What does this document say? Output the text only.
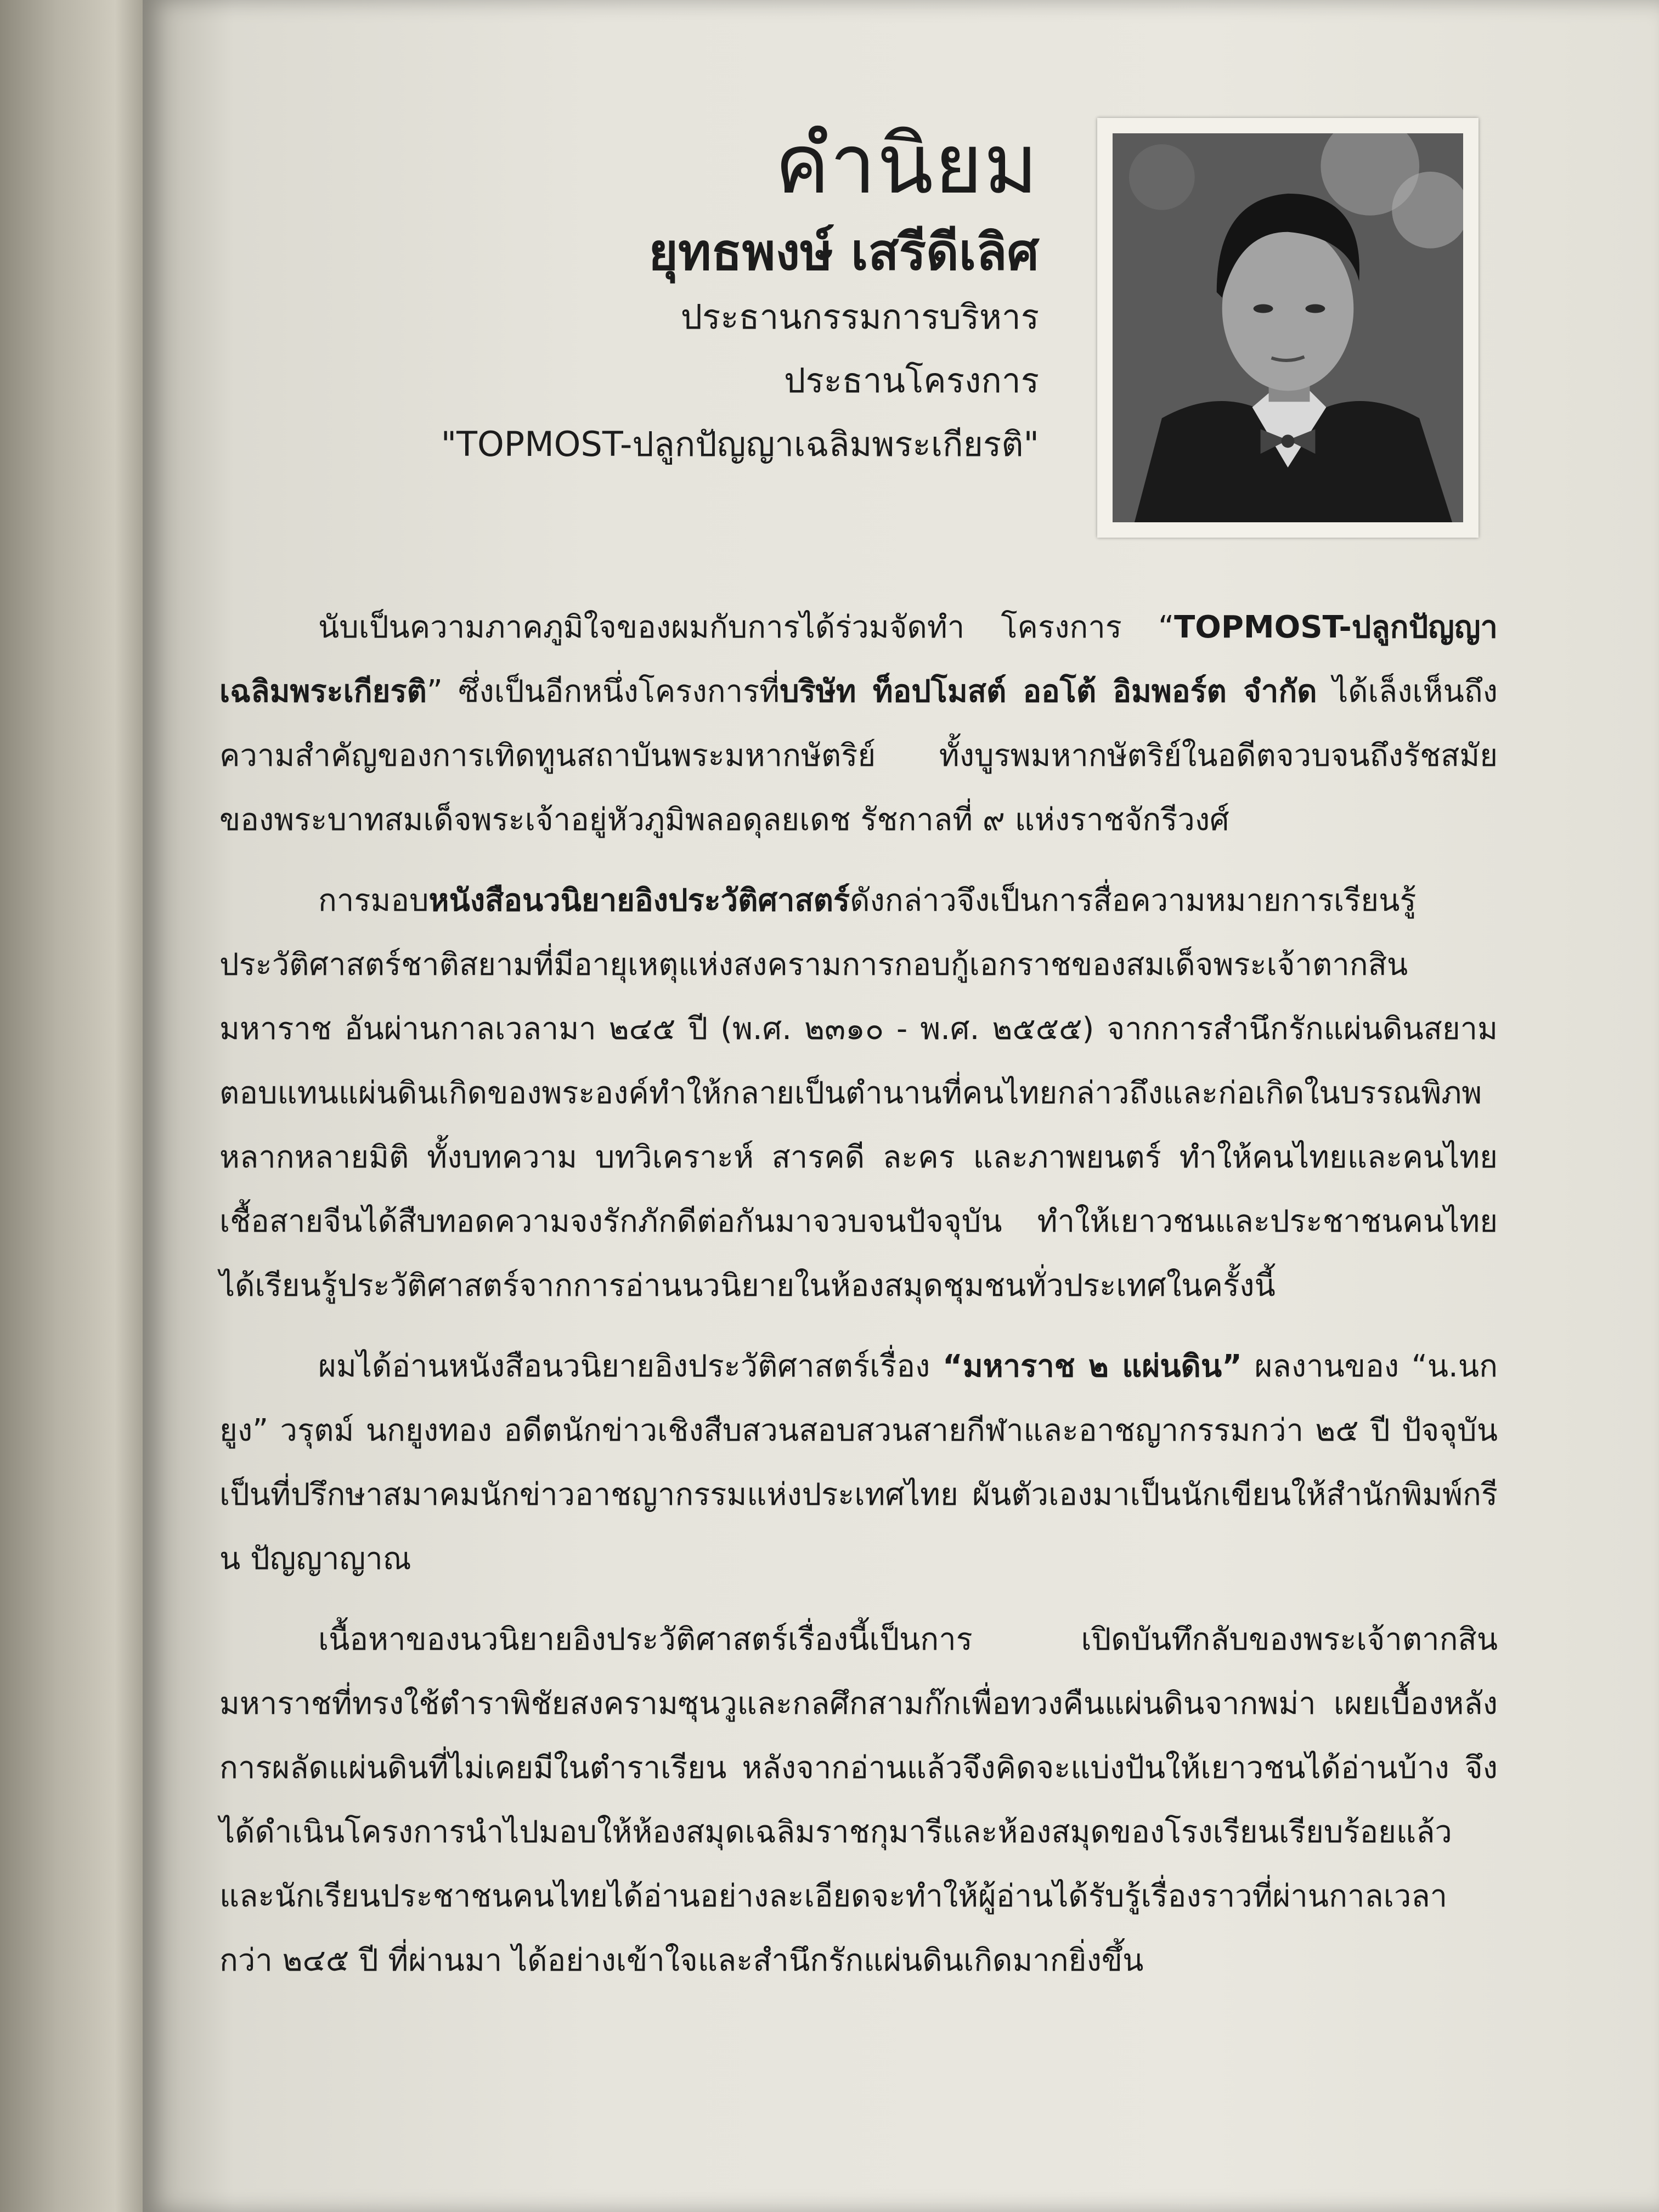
คำนิยม
ยุทธพงษ์ เสรีดีเลิศ
ประธานกรรมการบริหาร
ประธานโครงการ
"TOPMOST-ปลูกปัญญาเฉลิมพระเกียรติ"

นับเป็นความภาคภูมิใจของผมกับการได้ร่วมจัดทำ โครงการ “TOPMOST-ปลูกปัญญาเฉลิมพระเกียรติ” ซึ่งเป็นอีกหนึ่งโครงการที่บริษัท ท็อปโมสต์ ออโต้ อิมพอร์ต จำกัด ได้เล็งเห็นถึงความสำคัญของการเทิดทูนสถาบันพระมหากษัตริย์ ทั้งบูรพมหากษัตริย์ในอดีตจวบจนถึงรัชสมัยของพระบาทสมเด็จพระเจ้าอยู่หัวภูมิพลอดุลยเดช รัชกาลที่ ๙ แห่งราชจักรีวงศ์

การมอบหนังสือนวนิยายอิงประวัติศาสตร์ดังกล่าวจึงเป็นการสื่อความหมายการเรียนรู้ประวัติศาสตร์ชาติสยามที่มีอายุเหตุแห่งสงครามการกอบกู้เอกราชของสมเด็จพระเจ้าตากสินมหาราช อันผ่านกาลเวลามา ๒๔๕ ปี (พ.ศ. ๒๓๑๐ - พ.ศ. ๒๕๕๕) จากการสำนึกรักแผ่นดินสยามตอบแทนแผ่นดินเกิดของพระองค์ทำให้กลายเป็นตำนานที่คนไทยกล่าวถึงและก่อเกิดในบรรณพิภพหลากหลายมิติ ทั้งบทความ บทวิเคราะห์ สารคดี ละคร และภาพยนตร์ ทำให้คนไทยและคนไทยเชื้อสายจีนได้สืบทอดความจงรักภักดีต่อกันมาจวบจนปัจจุบัน ทำให้เยาวชนและประชาชนคนไทยได้เรียนรู้ประวัติศาสตร์จากการอ่านนวนิยายในห้องสมุดชุมชนทั่วประเทศในครั้งนี้

ผมได้อ่านหนังสือนวนิยายอิงประวัติศาสตร์เรื่อง “มหาราช ๒ แผ่นดิน” ผลงานของ “น.นกยูง” วรุตม์ นกยูงทอง อดีตนักข่าวเชิงสืบสวนสอบสวนสายกีฬาและอาชญากรรมกว่า ๒๕ ปี ปัจจุบันเป็นที่ปรึกษาสมาคมนักข่าวอาชญากรรมแห่งประเทศไทย ผันตัวเองมาเป็นนักเขียนให้สำนักพิมพ์กรีน ปัญญาญาณ

เนื้อหาของนวนิยายอิงประวัติศาสตร์เรื่องนี้เป็นการ เปิดบันทึกลับของพระเจ้าตากสินมหาราชที่ทรงใช้ตำราพิชัยสงครามซุนวูและกลศึกสามก๊กเพื่อทวงคืนแผ่นดินจากพม่า เผยเบื้องหลังการผลัดแผ่นดินที่ไม่เคยมีในตำราเรียน หลังจากอ่านแล้วจึงคิดจะแบ่งปันให้เยาวชนได้อ่านบ้าง จึงได้ดำเนินโครงการนำไปมอบให้ห้องสมุดเฉลิมราชกุมารีและห้องสมุดของโรงเรียนเรียบร้อยแล้วและนักเรียนประชาชนคนไทยได้อ่านอย่างละเอียดจะทำให้ผู้อ่านได้รับรู้เรื่องราวที่ผ่านกาลเวลากว่า ๒๔๕ ปี ที่ผ่านมา ได้อย่างเข้าใจและสำนึกรักแผ่นดินเกิดมากยิ่งขึ้น
